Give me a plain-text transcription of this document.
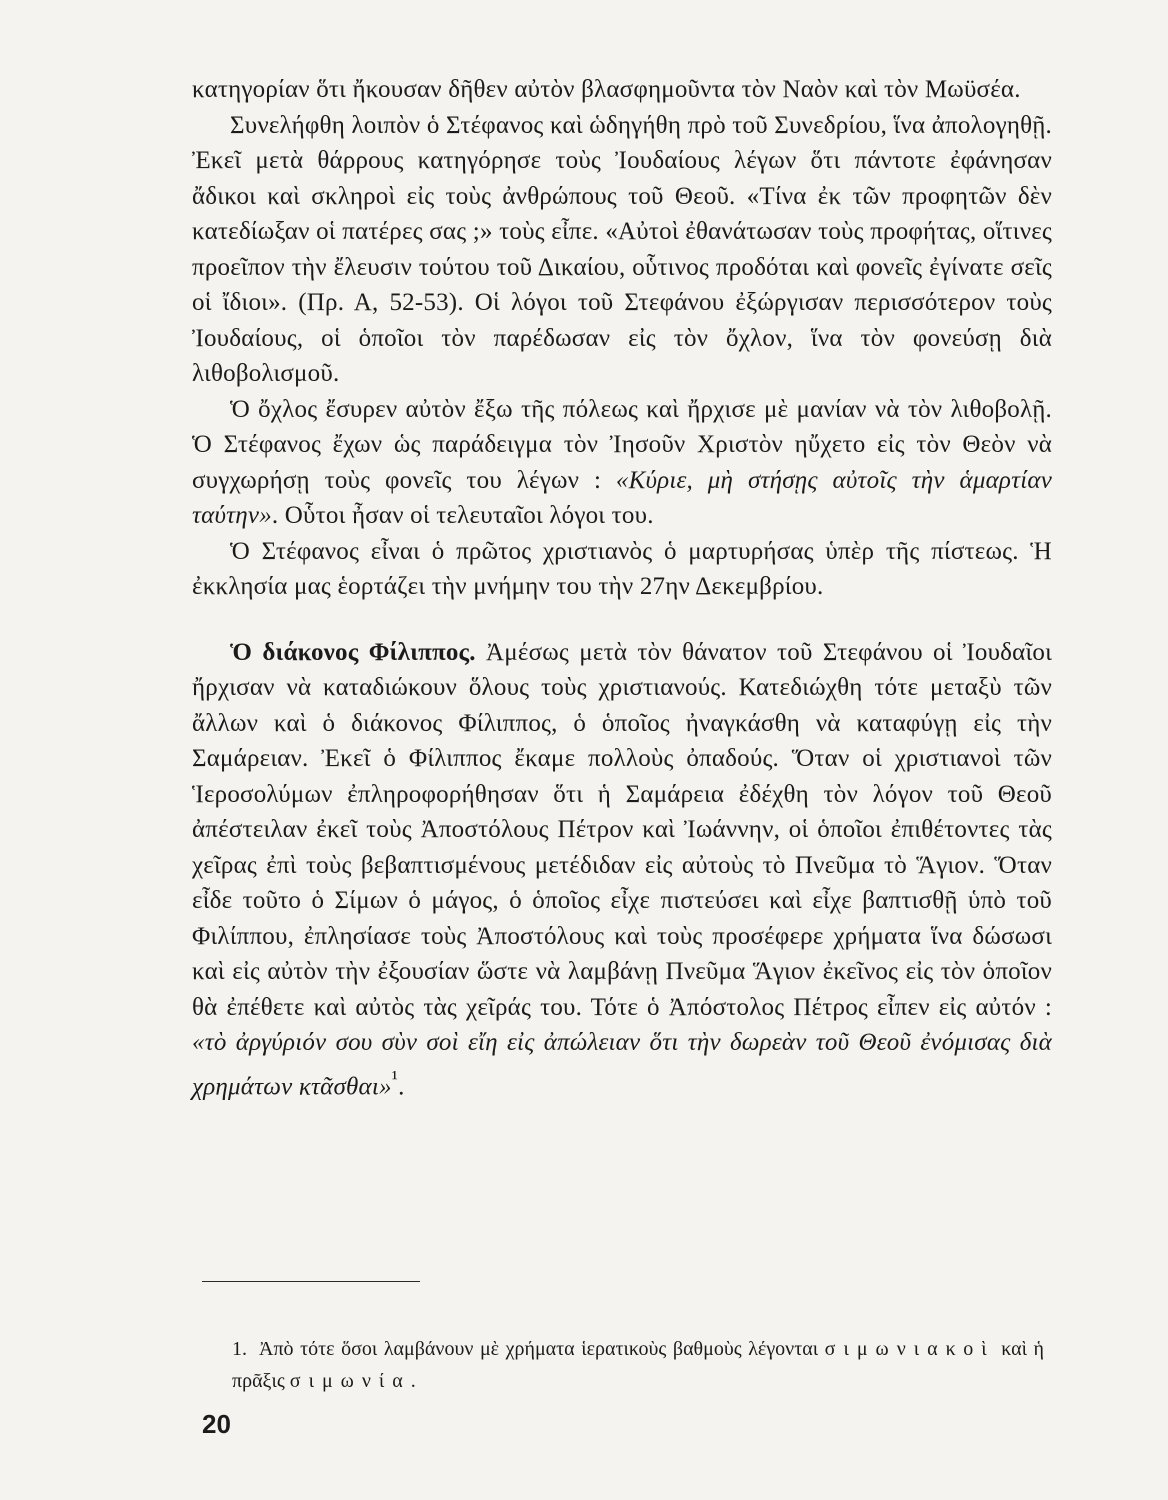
κατηγορίαν ὅτι ἤκουσαν δῆθεν αὐτὸν βλασφημοῦντα τὸν Ναὸν καὶ τὸν Μωϋσέα.

Συνελήφθη λοιπὸν ὁ Στέφανος καὶ ὡδηγήθη πρὸ τοῦ Συνεδρίου, ἵνα ἀπολογηθῇ. Ἐκεῖ μετὰ θάρρους κατηγόρησε τοὺς Ἰουδαίους λέγων ὅτι πάντοτε ἐφάνησαν ἄδικοι καὶ σκληροὶ εἰς τοὺς ἀνθρώπους τοῦ Θεοῦ. «Τίνα ἐκ τῶν προφητῶν δὲν κατεδίωξαν οἱ πατέρες σας ;» τοὺς εἶπε. «Αὐτοὶ ἐθανάτωσαν τοὺς προφήτας, οἵτινες προεῖπον τὴν ἔλευσιν τούτου τοῦ Δικαίου, οὗτινος προδόται καὶ φονεῖς ἐγίνατε σεῖς οἱ ἴδιοι». (Πρ. Α, 52-53). Οἱ λόγοι τοῦ Στεφάνου ἐξώργισαν περισσότερον τοὺς Ἰουδαίους, οἱ ὁποῖοι τὸν παρέδωσαν εἰς τὸν ὄχλον, ἵνα τὸν φονεύσῃ διὰ λιθοβολισμοῦ.

Ὁ ὄχλος ἔσυρεν αὐτὸν ἔξω τῆς πόλεως καὶ ἤρχισε μὲ μανίαν νὰ τὸν λιθοβολῇ. Ὁ Στέφανος ἔχων ὡς παράδειγμα τὸν Ἰησοῦν Χριστὸν ηὔχετο εἰς τὸν Θεὸν νὰ συγχωρήσῃ τοὺς φονεῖς του λέγων : «Κύριε, μὴ στήσῃς αὐτοῖς τὴν ἁμαρτίαν ταύτην». Οὗτοι ἦσαν οἱ τελευταῖοι λόγοι του.

Ὁ Στέφανος εἶναι ὁ πρῶτος χριστιανὸς ὁ μαρτυρήσας ὑπὲρ τῆς πίστεως. Ἡ ἐκκλησία μας ἑορτάζει τὴν μνήμην του τὴν 27ην Δεκεμβρίου.

Ὁ διάκονος Φίλιππος. Ἀμέσως μετὰ τὸν θάνατον τοῦ Στεφάνου οἱ Ἰουδαῖοι ἤρχισαν νὰ καταδιώκουν ὅλους τοὺς χριστιανούς. Κατεδιώχθη τότε μεταξὺ τῶν ἄλλων καὶ ὁ διάκονος Φίλιππος, ὁ ὁποῖος ἠναγκάσθη νὰ καταφύγῃ εἰς τὴν Σαμάρειαν. Ἐκεῖ ὁ Φίλιππος ἔκαμε πολλοὺς ὀπαδούς. Ὅταν οἱ χριστιανοὶ τῶν Ἱεροσολύμων ἐπληροφορήθησαν ὅτι ἡ Σαμάρεια ἐδέχθη τὸν λόγον τοῦ Θεοῦ ἀπέστειλαν ἐκεῖ τοὺς Ἀποστόλους Πέτρον καὶ Ἰωάννην, οἱ ὁποῖοι ἐπιθέτοντες τὰς χεῖρας ἐπὶ τοὺς βεβαπτισμένους μετέδιδαν εἰς αὐτοὺς τὸ Πνεῦμα τὸ Ἅγιον. Ὅταν εἶδε τοῦτο ὁ Σίμων ὁ μάγος, ὁ ὁποῖος εἶχε πιστεύσει καὶ εἶχε βαπτισθῇ ὑπὸ τοῦ Φιλίππου, ἐπλησίασε τοὺς Ἀποστόλους καὶ τοὺς προσέφερε χρήματα ἵνα δώσωσι καὶ εἰς αὐτὸν τὴν ἐξουσίαν ὥστε νὰ λαμβάνῃ Πνεῦμα Ἅγιον ἐκεῖνος εἰς τὸν ὁποῖον θὰ ἐπέθετε καὶ αὐτὸς τὰς χεῖράς του. Τότε ὁ Ἀπόστολος Πέτρος εἶπεν εἰς αὐτόν : «τὸ ἀργύριόν σου σὺν σοὶ εἴη εἰς ἀπώλειαν ὅτι τὴν δωρεὰν τοῦ Θεοῦ ἐνόμισας διὰ χρημάτων κτᾶσθαι»$^{^1}$.

1. Ἀπὸ τότε ὅσοι λαμβάνουν μὲ χρήματα ἱερατικοὺς βαθμοὺς λέγονται σιμωνιακοὶ καὶ ἡ πρᾶξις σιμωνία.

20
